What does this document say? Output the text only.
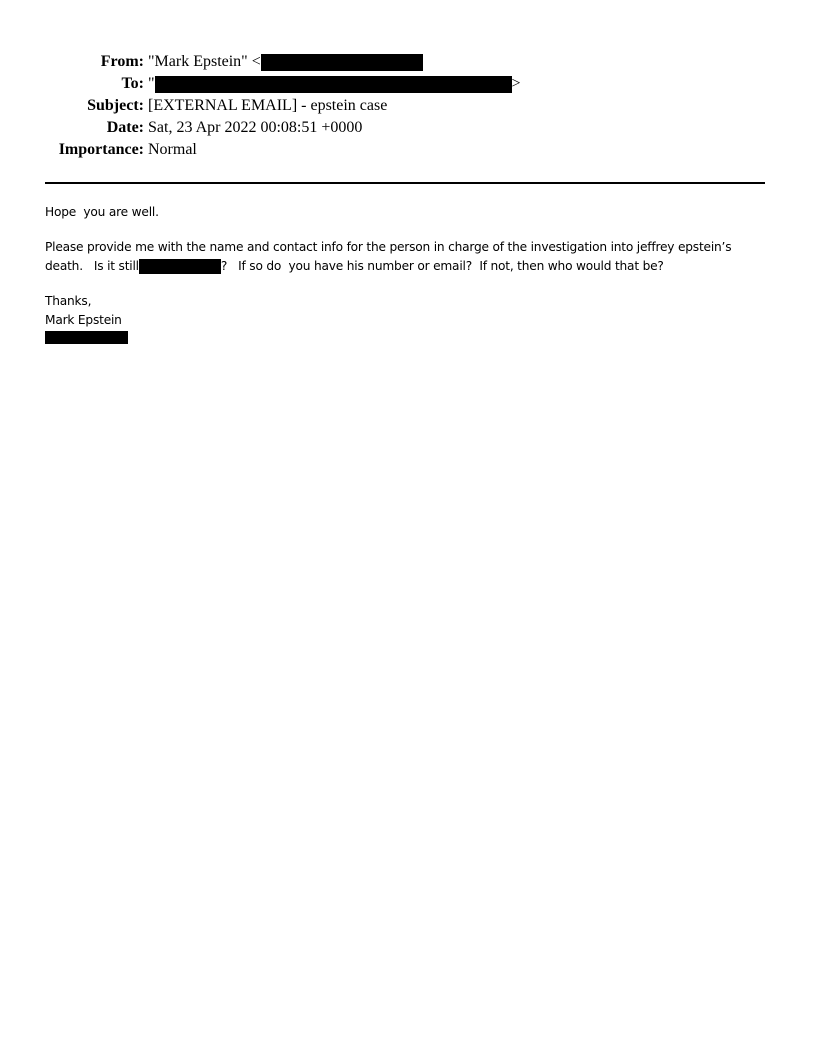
From: "Mark Epstein" <
To: "	>
Subject: [EXTERNAL EMAIL] - epstein case
Date: Sat, 23 Apr 2022 00:08:51 +0000
Importance: Normal

Hope  you are well.

Please provide me with the name and contact info for the person in charge of the investigation into jeffrey epstein’s

death.   Is it still	?   If so do  you have his number or email?  If not, then who would that be?

Thanks,

Mark Epstein
